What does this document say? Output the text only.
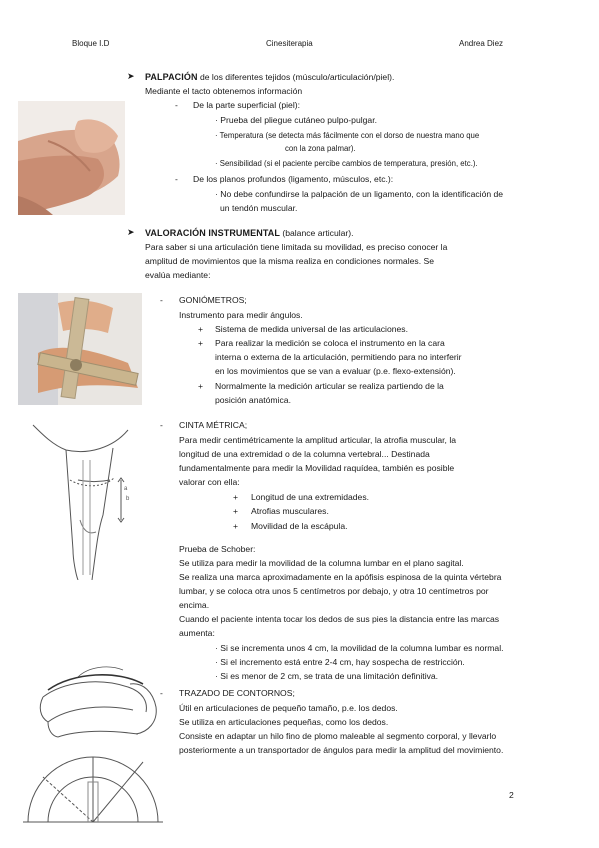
Bloque I.D	Cinesiterapia	Andrea Diez
➤ PALPACIÓN de los diferentes tejidos (músculo/articulación/piel).
Mediante el tacto obtenemos información
- De la parte superficial (piel):
· Prueba del pliegue cutáneo pulpo-pulgar.
· Temperatura (se detecta más fácilmente con el dorso de nuestra mano que
con la zona palmar).
· Sensibilidad (si el paciente percibe cambios de temperatura, presión, etc.).
- De los planos profundos (ligamento, músculos, etc.):
· No debe confundirse la palpación de un ligamento, con la identificación de
un tendón muscular.
➤ VALORACIÓN INSTRUMENTAL (balance articular).
Para saber si una articulación tiene limitada su movilidad, es preciso conocer la
amplitud de movimientos que la misma realiza en condiciones normales. Se
evalúa mediante:
- GONIÓMETROS;
Instrumento para medir ángulos.
+ Sistema de medida universal de las articulaciones.
+ Para realizar la medición se coloca el instrumento en la cara
interna o externa de la articulación, permitiendo para no interferir
en los movimientos que se van a evaluar (p.e. flexo-extensión).
+ Normalmente la medición articular se realiza partiendo de la
posición anatómica.
b
a
- CINTA MÉTRICA;
Para medir centimétricamente la amplitud articular, la atrofia muscular, la
longitud de una extremidad o de la columna vertebral... Destinada
fundamentalmente para medir la Movilidad raquídea, también es posible
valorar con ella:
+ Longitud de una extremidades.
+ Atrofias musculares.
+ Movilidad de la escápula.
Prueba de Schober:
Se utiliza para medir la movilidad de la columna lumbar en el plano sagital.
Se realiza una marca aproximadamente en la apófisis espinosa de la quinta vértebra
lumbar, y se coloca otra unos 5 centímetros por debajo, y otra 10 centímetros por
encima.
Cuando el paciente intenta tocar los dedos de sus pies la distancia entre las marcas
aumenta:
· Si se incrementa unos 4 cm, la movilidad de la columna lumbar es normal.
· Si el incremento está entre 2-4 cm, hay sospecha de restricción.
· Si es menor de 2 cm, se trata de una limitación definitiva.
- TRAZADO DE CONTORNOS;
Útil en articulaciones de pequeño tamaño, p.e. los dedos.
Se utiliza en articulaciones pequeñas, como los dedos.
Consiste en adaptar un hilo fino de plomo maleable al segmento corporal, y llevarlo
posteriormente a un transportador de ángulos para medir la amplitud del movimiento.
2
